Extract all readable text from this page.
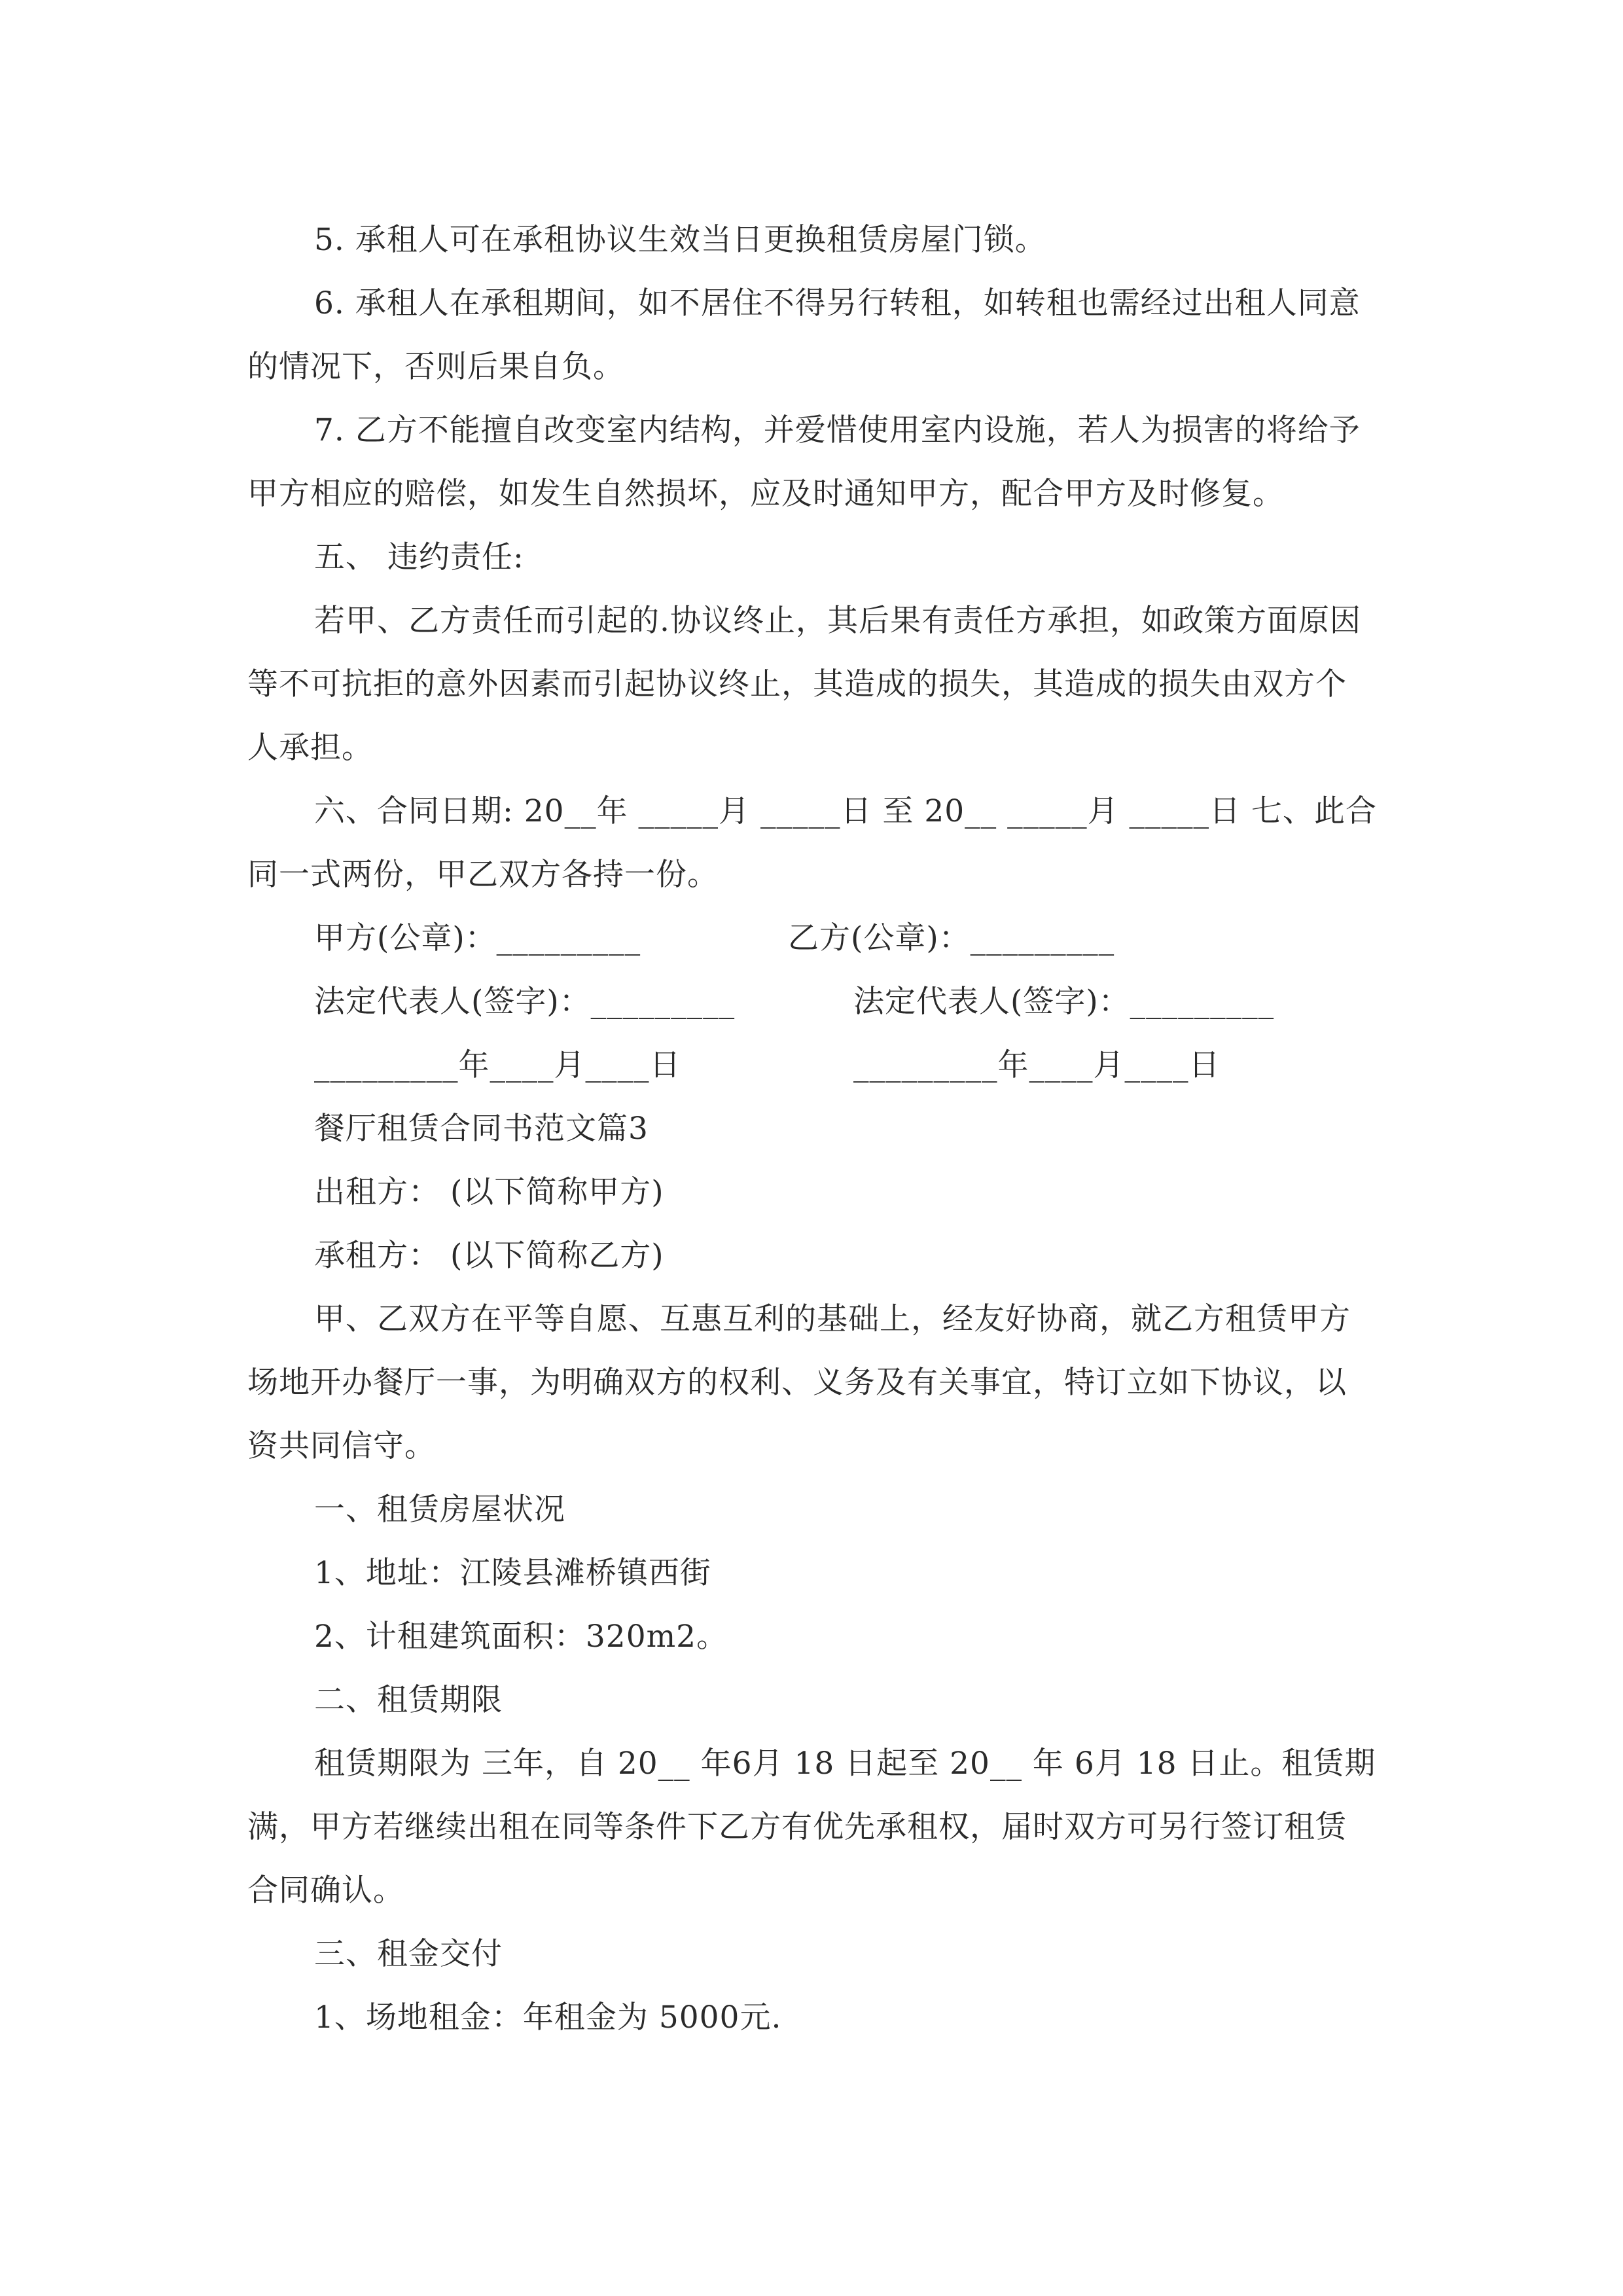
5. 承租人可在承租协议生效当日更换租赁房屋门锁。

6. 承租人在承租期间，如不居住不得另行转租，如转租也需经过出租人同意的情况下，否则后果自负。

7. 乙方不能擅自改变室内结构，并爱惜使用室内设施，若人为损害的将给予甲方相应的赔偿，如发生自然损坏，应及时通知甲方，配合甲方及时修复。

五、 违约责任:

若甲、乙方责任而引起的.协议终止，其后果有责任方承担，如政策方面原因等不可抗拒的意外因素而引起协议终止，其造成的损失，其造成的损失由双方个人承担。

六、合同日期: 20__年 _____月 _____日 至 20__ _____月 _____日 七、此合同一式两份，甲乙双方各持一份。

甲方(公章)：_________	乙方(公章)：_________
法定代表人(签字)：_________	法定代表人(签字)：_________
_________年____月____日	_________年____月____日

餐厅租赁合同书范文篇3

出租方： (以下简称甲方)

承租方： (以下简称乙方)

甲、乙双方在平等自愿、互惠互利的基础上，经友好协商，就乙方租赁甲方场地开办餐厅一事，为明确双方的权利、义务及有关事宜，特订立如下协议，以资共同信守。

一、租赁房屋状况

1、地址：江陵县滩桥镇西街

2、计租建筑面积：320m2。

二、租赁期限

租赁期限为 三年，自 20__ 年6月 18 日起至 20__ 年 6月 18 日止。租赁期满，甲方若继续出租在同等条件下乙方有优先承租权，届时双方可另行签订租赁合同确认。

三、租金交付

1、场地租金：年租金为 5000元.
